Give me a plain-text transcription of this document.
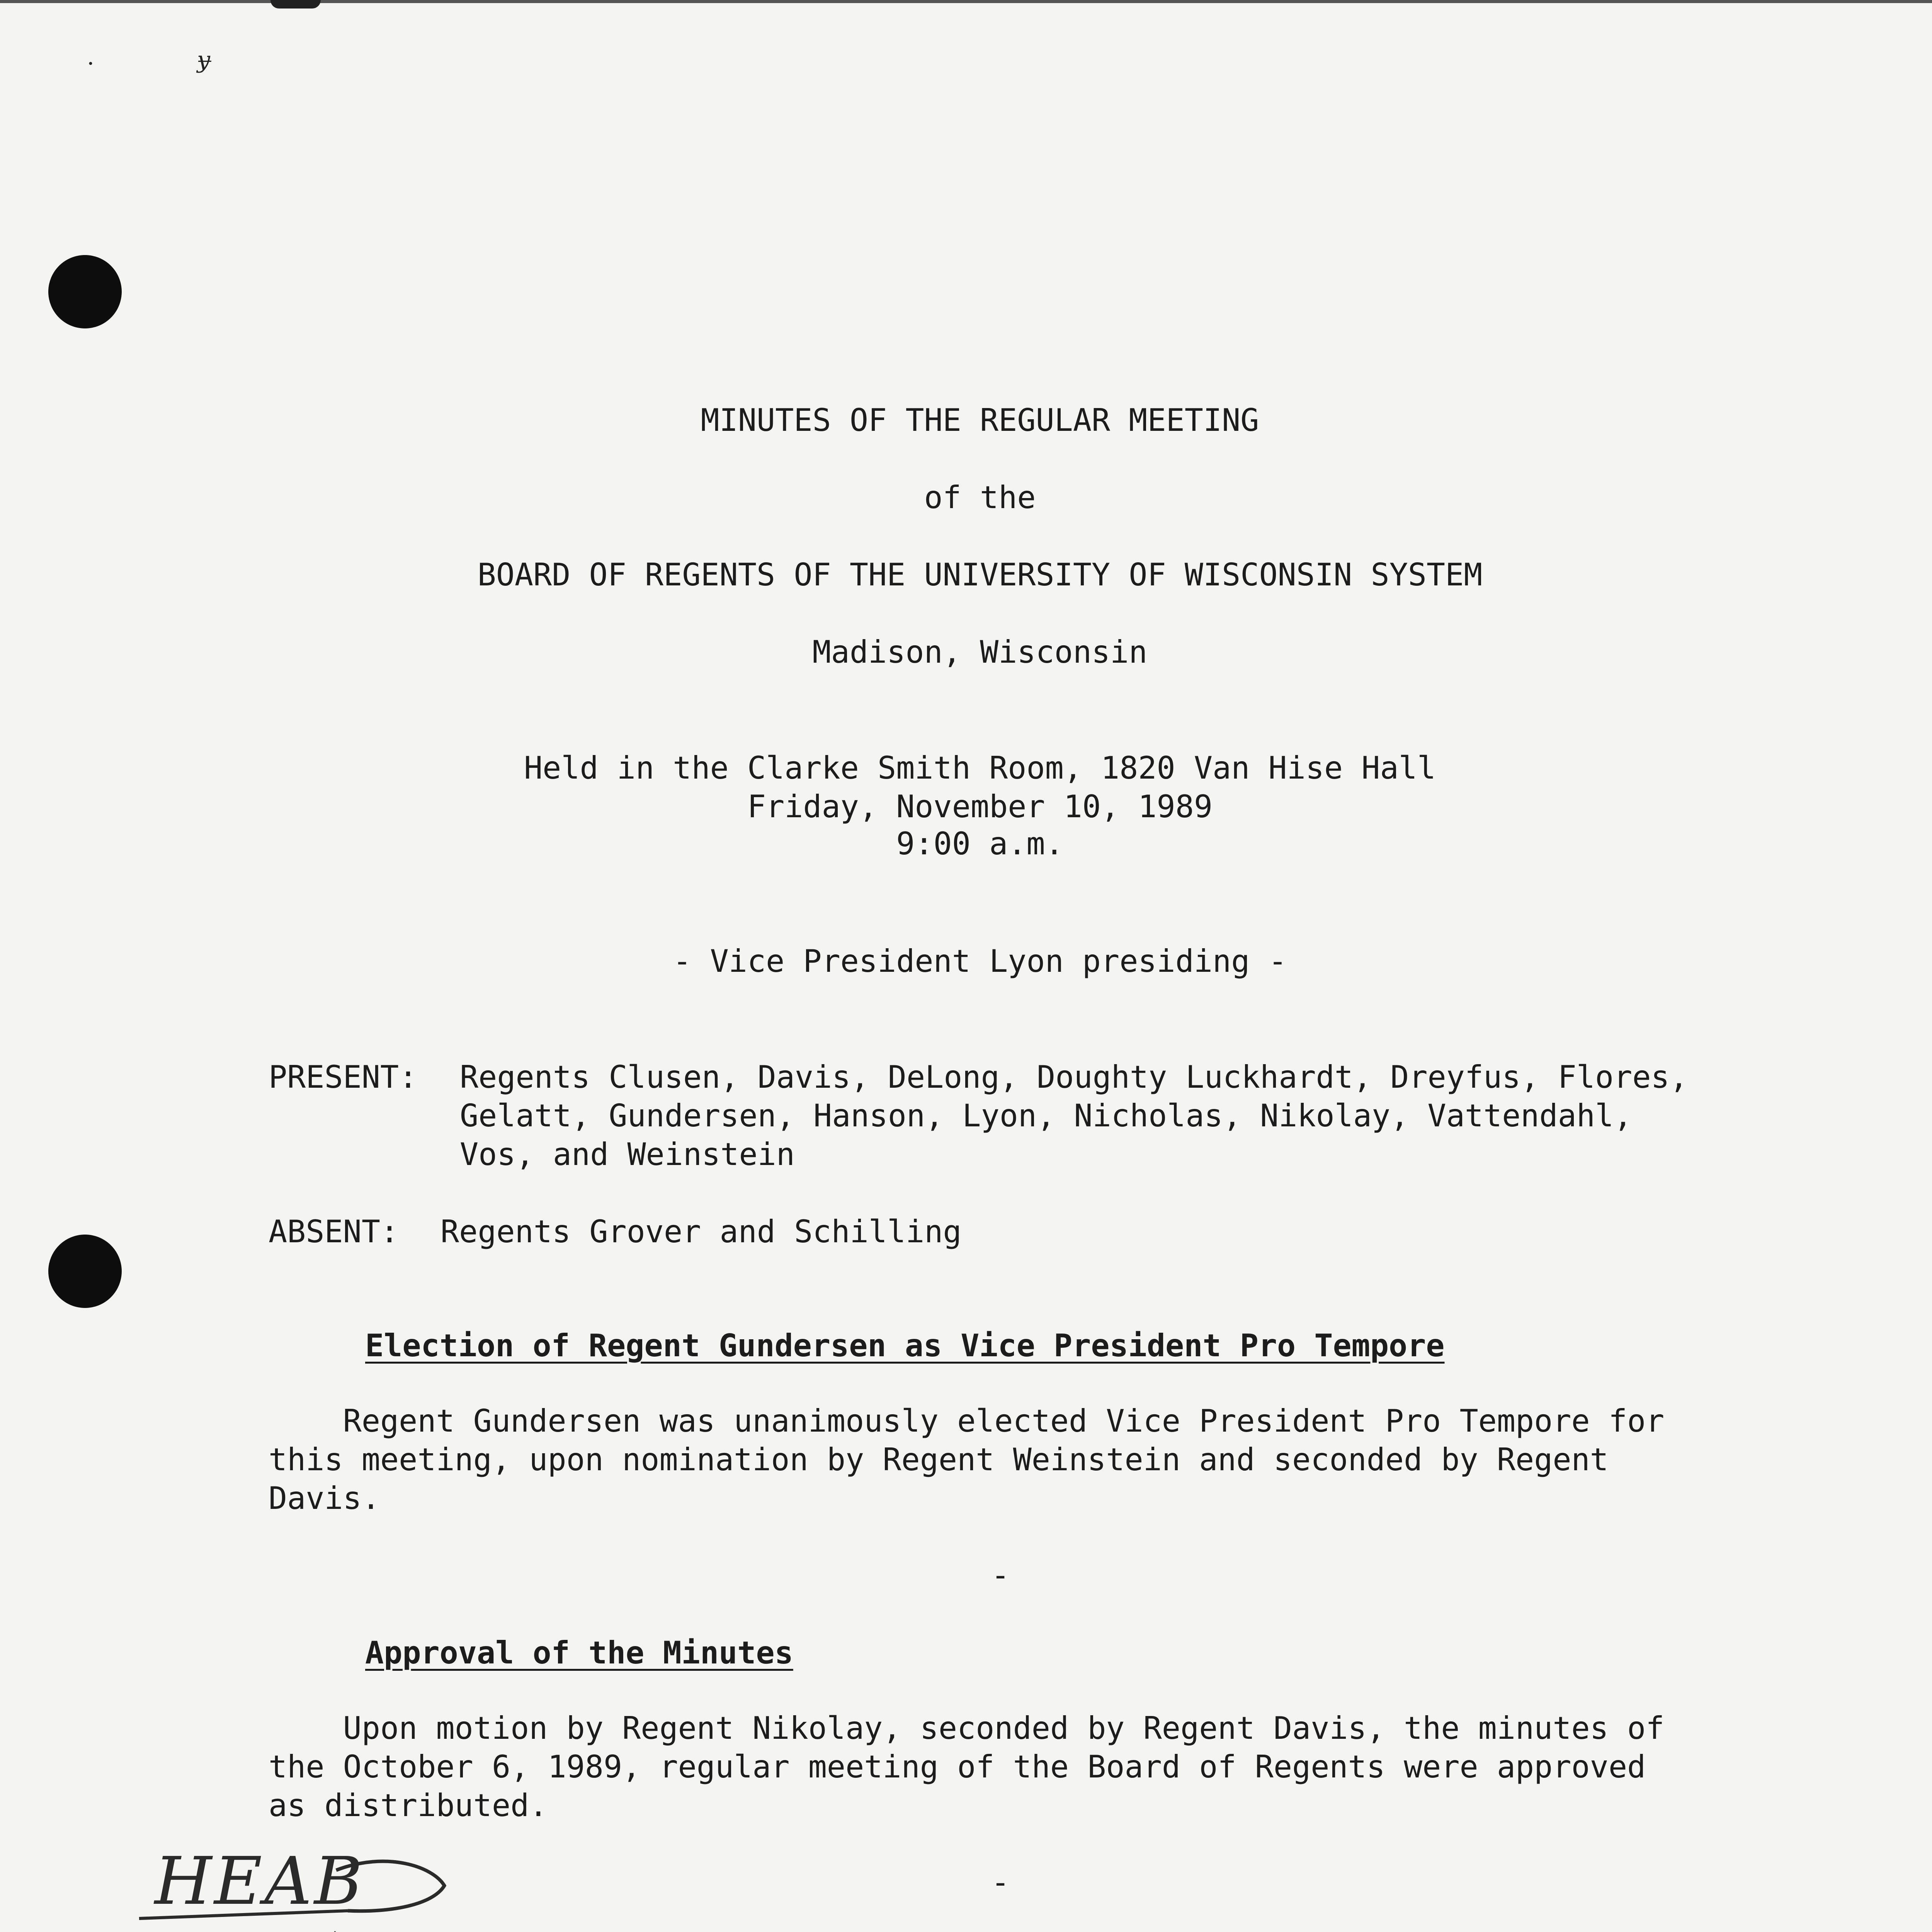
·	ɏ
MINUTES OF THE REGULAR MEETING
of the
BOARD OF REGENTS OF THE UNIVERSITY OF WISCONSIN SYSTEM
Madison, Wisconsin
Held in the Clarke Smith Room, 1820 Van Hise Hall
Friday, November 10, 1989
9:00 a.m.
- Vice President Lyon presiding -
PRESENT: Regents Clusen, Davis, DeLong, Doughty Luckhardt, Dreyfus, Flores,
Gelatt, Gundersen, Hanson, Lyon, Nicholas, Nikolay, Vattendahl,
Vos, and Weinstein
ABSENT: Regents Grover and Schilling
Election of Regent Gundersen as Vice President Pro Tempore
Regent Gundersen was unanimously elected Vice President Pro Tempore for
this meeting, upon nomination by Regent Weinstein and seconded by Regent
Davis.
-
Approval of the Minutes
Upon motion by Regent Nikolay, seconded by Regent Davis, the minutes of
the October 6, 1989, regular meeting of the Board of Regents were approved
as distributed.
-
HEAB
